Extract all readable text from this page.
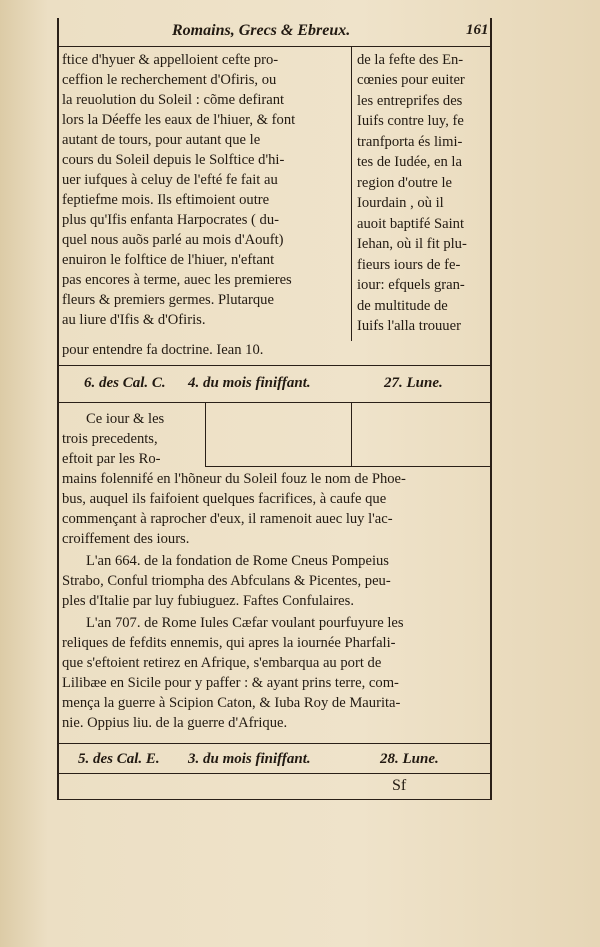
Romains, Grecs & Ebreux.	161
ftice d'hyuer & appelloient cefte pro-
ceffion le recherchement d'Ofiris, ou
la reuolution du Soleil : cõme defirant
lors la Déeffe les eaux de l'hiuer, & font
autant de tours, pour autant que le
cours du Soleil depuis le Solftice d'hi-
uer iufques à celuy de l'efté fe fait au
feptiefme mois. Ils eftimoient outre
plus qu'Ifis enfanta Harpocrates ( du-
quel nous auõs parlé au mois d'Aouft)
enuiron le folftice de l'hiuer, n'eftant
pas encores à terme, auec les premieres
fleurs & premiers germes. Plutarque
au liure d'Ifis & d'Ofiris.
de la fefte des En-
cœnies pour euiter
les entreprifes des
Iuifs contre luy, fe
tranfporta és limi-
tes de Iudée, en la
region d'outre le
Iourdain , où il
auoit baptifé Saint
Iehan, où il fit plu-
fieurs iours de fe-
iour: efquels gran-
de multitude de
Iuifs l'alla trouuer
pour entendre fa doctrine. Iean 10.
6. des Cal. C. 4. du mois finiffant.	27. Lune.
Ce iour & les
trois precedents,
eftoit par les Ro-
mains folennifé en l'hõneur du Soleil fouz le nom de Phoe-
bus, auquel ils faifoient quelques facrifices, à caufe que
commençant à raprocher d'eux, il ramenoit auec luy l'ac-
croiffement des iours.
L'an 664. de la fondation de Rome Cneus Pompeius
Strabo, Conful triompha des Abfculans & Picentes, peu-
ples d'Italie par luy fubiuguez. Faftes Confulaires.
L'an 707. de Rome Iules Cæfar voulant pourfuyure les
reliques de fefdits ennemis, qui apres la iournée Pharfali-
que s'eftoient retirez en Afrique, s'embarqua au port de
Lilibæe en Sicile pour y paffer : & ayant prins terre, com-
mença la guerre à Scipion Caton, & Iuba Roy de Maurita-
nie. Oppius liu. de la guerre d'Afrique.
5. des Cal. E. 3. du mois finiffant.	28. Lune.
Sf
